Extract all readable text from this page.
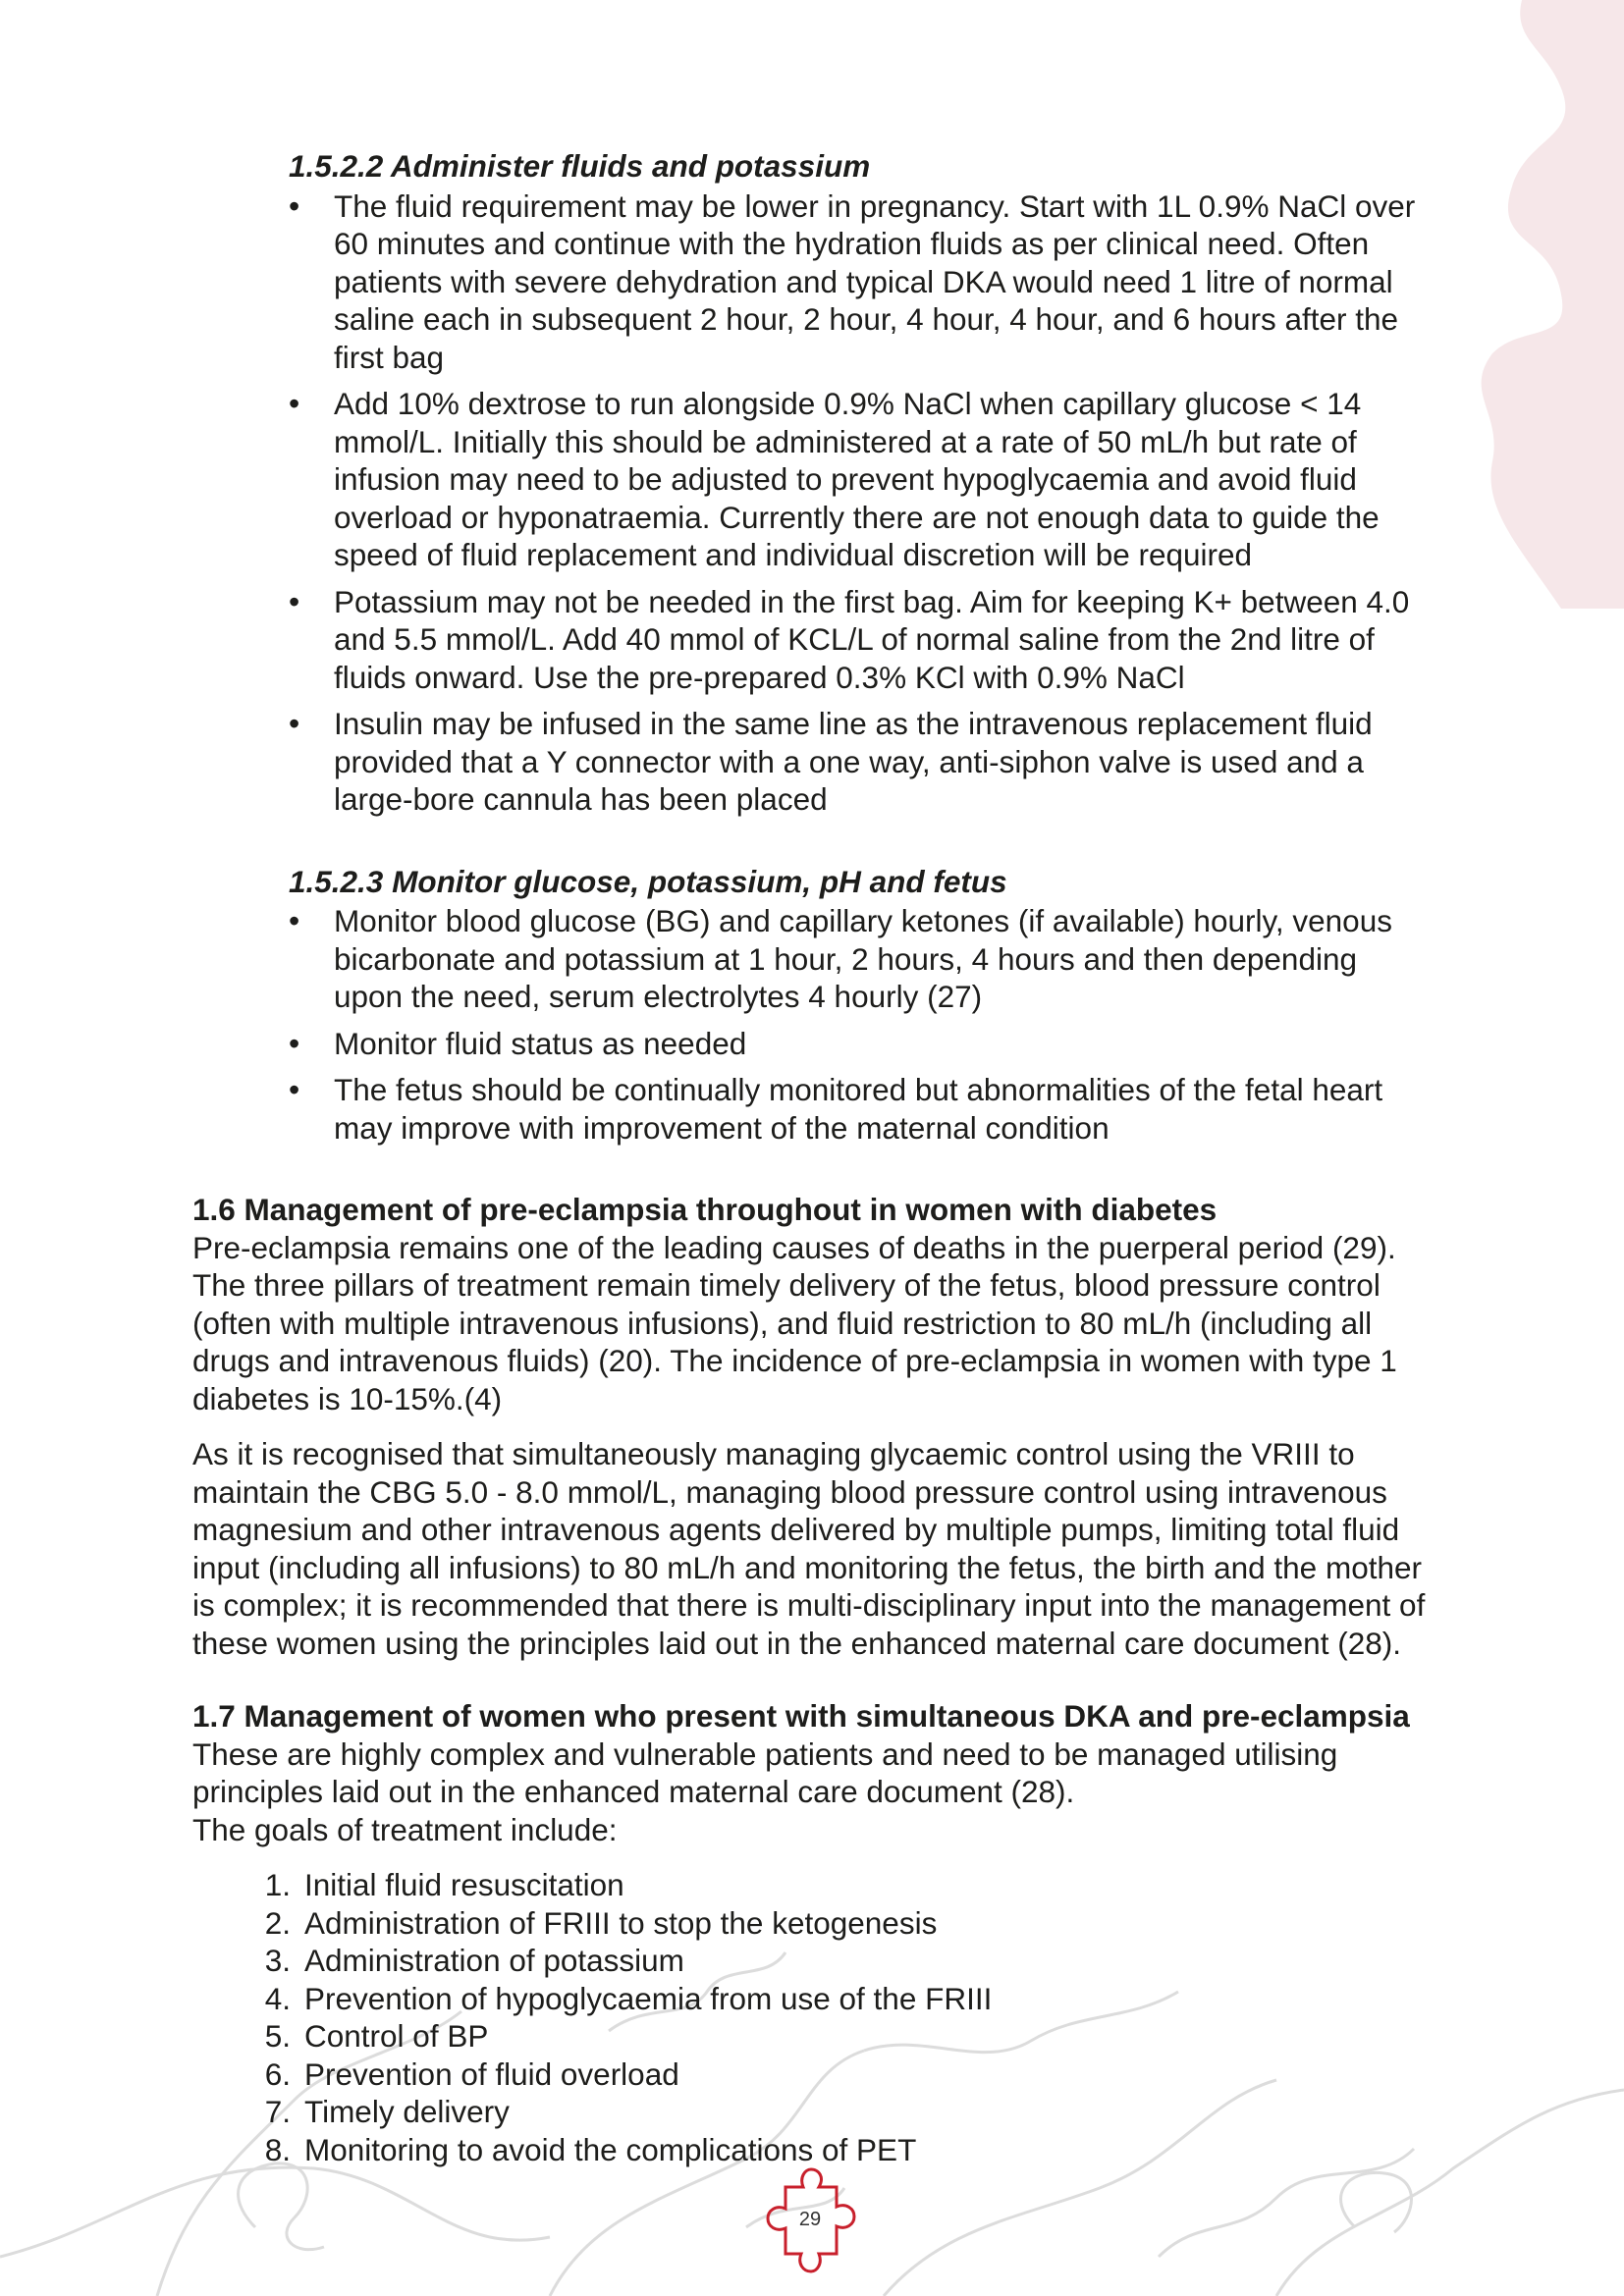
1.5.2.2 Administer fluids and potassium
• The fluid requirement may be lower in pregnancy. Start with 1L 0.9% NaCl over 60 minutes and continue with the hydration fluids as per clinical need. Often patients with severe dehydration and typical DKA would need 1 litre of normal saline each in subsequent 2 hour, 2 hour, 4 hour, 4 hour, and 6 hours after the first bag
• Add 10% dextrose to run alongside 0.9% NaCl when capillary glucose < 14 mmol/L. Initially this should be administered at a rate of 50 mL/h but rate of infusion may need to be adjusted to prevent hypoglycaemia and avoid fluid overload or hyponatraemia. Currently there are not enough data to guide the speed of fluid replacement and individual discretion will be required
• Potassium may not be needed in the first bag. Aim for keeping K+ between 4.0 and 5.5 mmol/L. Add 40 mmol of KCL/L of normal saline from the 2nd litre of fluids onward. Use the pre-prepared 0.3% KCl with 0.9% NaCl
• Insulin may be infused in the same line as the intravenous replacement fluid provided that a Y connector with a one way, anti-siphon valve is used and a large-bore cannula has been placed
1.5.2.3 Monitor glucose, potassium, pH and fetus
• Monitor blood glucose (BG) and capillary ketones (if available) hourly, venous bicarbonate and potassium at 1 hour, 2 hours, 4 hours and then depending upon the need, serum electrolytes 4 hourly (27)
• Monitor fluid status as needed
• The fetus should be continually monitored but abnormalities of the fetal heart may improve with improvement of the maternal condition
1.6 Management of pre-eclampsia throughout in women with diabetes

Pre-eclampsia remains one of the leading causes of deaths in the puerperal period (29). The three pillars of treatment remain timely delivery of the fetus, blood pressure control (often with multiple intravenous infusions), and fluid restriction to 80 mL/h (including all drugs and intravenous fluids) (20). The incidence of pre-eclampsia in women with type 1 diabetes is 10-15%.(4)

As it is recognised that simultaneously managing glycaemic control using the VRIII to maintain the CBG 5.0 - 8.0 mmol/L, managing blood pressure control using intravenous magnesium and other intravenous agents delivered by multiple pumps, limiting total fluid input (including all infusions) to 80 mL/h and monitoring the fetus, the birth and the mother is complex; it is recommended that there is multi-disciplinary input into the management of these women using the principles laid out in the enhanced maternal care document (28).

1.7 Management of women who present with simultaneous DKA and pre-eclampsia

These are highly complex and vulnerable patients and need to be managed utilising principles laid out in the enhanced maternal care document (28).

The goals of treatment include:

1. Initial fluid resuscitation
2. Administration of FRIII to stop the ketogenesis
3. Administration of potassium
4. Prevention of hypoglycaemia from use of the FRIII
5. Control of BP
6. Prevention of fluid overload
7. Timely delivery
8. Monitoring to avoid the complications of PET
29
